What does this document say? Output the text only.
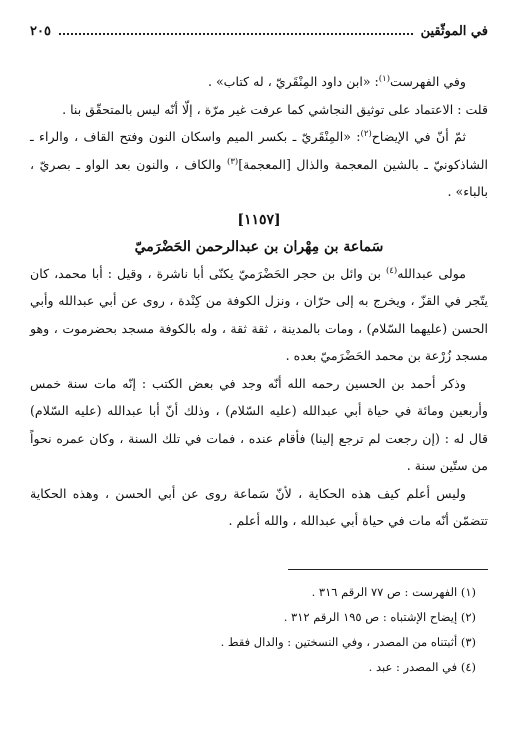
في الموثّقين
٢٠٥

وفي الفهرست$^{(١)}$: «ابن داود المِنْقَريّ ، له كتاب» .

قلت : الاعتماد على توثيق النجاشي كما عرفت غير مرّة ، إلّا أنّه ليس بالمتحقّق بنا .

ثمّ أنّ في الإيضاح$^{(٢)}$: «المِنْقَريّ ـ بكسر الميم واسكان النون وفتح القاف ، والراء ـ الشاذكونيّ ـ بالشين المعجمة والذال [المعجمة]$^{(٣)}$ والكاف ، والنون بعد الواو ـ بصريّ ، بالباء» .

[١١٥٧]

سَماعة بن مِهْران بن عبدالرحمن الحَضْرَميّ

مولى عبدالله$^{(٤)}$ بن وائل بن حجر الحَضْرَميّ يكنّى أبا ناشرة ، وقيل : أبا محمد، كان يتّجر في القزّ ، ويخرج به إلى حرّان ، ونزل الكوفة من كِنْدة ، روى عن أبي عبدالله وأبي الحسن (عليهما السّلام) ، ومات بالمدينة ، ثقة ثقة ، وله بالكوفة مسجد بحضرموت ، وهو مسجد زُرْعة بن محمد الحَضْرَميّ بعده .

وذكر أحمد بن الحسين رحمه الله أنّه وجد في بعض الكتب : إنّه مات سنة خمس وأربعين ومائة في حياة أبي عبدالله (عليه السّلام) ، وذلك أنّ أبا عبدالله (عليه السّلام) قال له : (إن رجعت لم ترجع إلينا) فأقام عنده ، فمات في تلك السنة ، وكان عمره نحواً من ستّين سنة .

وليس أعلم كيف هذه الحكاية ، لأنّ سَماعة روى عن أبي الحسن ، وهذه الحكاية تتضمّن أنّه مات في حياة أبي عبدالله ، والله أعلم .

(١) الفهرست : ص ٧٧ الرقم ٣١٦ .
(٢) إيضاح الإشتباه : ص ١٩٥ الرقم ٣١٢ .
(٣) أثبتناه من المصدر ، وفي النسختين : والدال فقط .
(٤) في المصدر : عبد .
